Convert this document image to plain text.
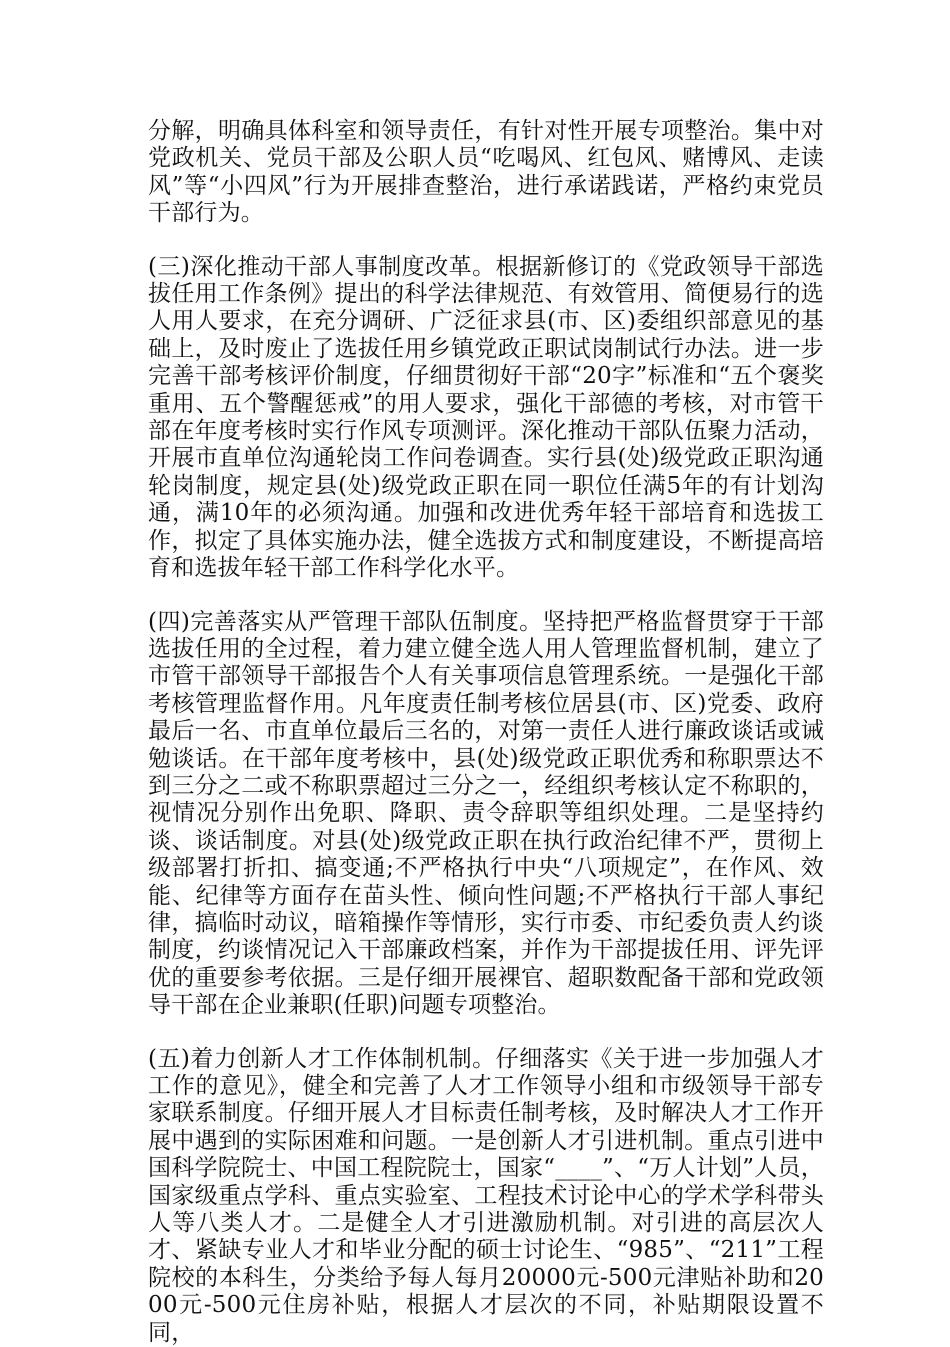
分解，明确具体科室和领导责任，有针对性开展专项整治。集中对党政机关、党员干部及公职人员“吃喝风、红包风、赌博风、走读风”等“小四风”行为开展排查整治，进行承诺践诺，严格约束党员干部行为。

(三)深化推动干部人事制度改革。根据新修订的《党政领导干部选拔任用工作条例》提出的科学法律规范、有效管用、简便易行的选人用人要求，在充分调研、广泛征求县(市、区)委组织部意见的基础上，及时废止了选拔任用乡镇党政正职试岗制试行办法。进一步完善干部考核评价制度，仔细贯彻好干部“20字”标准和“五个褒奖重用、五个警醒惩戒”的用人要求，强化干部德的考核，对市管干部在年度考核时实行作风专项测评。深化推动干部队伍聚力活动，开展市直单位沟通轮岗工作问卷调查。实行县(处)级党政正职沟通轮岗制度，规定县(处)级党政正职在同一职位任满5年的有计划沟通，满10年的必须沟通。加强和改进优秀年轻干部培育和选拔工作，拟定了具体实施办法，健全选拔方式和制度建设，不断提高培育和选拔年轻干部工作科学化水平。

(四)完善落实从严管理干部队伍制度。坚持把严格监督贯穿于干部选拔任用的全过程，着力建立健全选人用人管理监督机制，建立了市管干部领导干部报告个人有关事项信息管理系统。一是强化干部考核管理监督作用。凡年度责任制考核位居县(市、区)党委、政府最后一名、市直单位最后三名的，对第一责任人进行廉政谈话或诫勉谈话。在干部年度考核中，县(处)级党政正职优秀和称职票达不到三分之二或不称职票超过三分之一，经组织考核认定不称职的，视情况分别作出免职、降职、责令辞职等组织处理。二是坚持约谈、谈话制度。对县(处)级党政正职在执行政治纪律不严，贯彻上级部署打折扣、搞变通;不严格执行中央“八项规定”，在作风、效能、纪律等方面存在苗头性、倾向性问题;不严格执行干部人事纪律，搞临时动议，暗箱操作等情形，实行市委、市纪委负责人约谈制度，约谈情况记入干部廉政档案，并作为干部提拔任用、评先评优的重要参考依据。三是仔细开展裸官、超职数配备干部和党政领导干部在企业兼职(任职)问题专项整治。

(五)着力创新人才工作体制机制。仔细落实《关于进一步加强人才工作的意见》，健全和完善了人才工作领导小组和市级领导干部专家联系制度。仔细开展人才目标责任制考核，及时解决人才工作开展中遇到的实际困难和问题。一是创新人才引进机制。重点引进中国科学院院士、中国工程院院士，国家“____”、“万人计划”人员，国家级重点学科、重点实验室、工程技术讨论中心的学术学科带头人等八类人才。二是健全人才引进激励机制。对引进的高层次人才、紧缺专业人才和毕业分配的硕士讨论生、“985”、“211”工程院校的本科生，分类给予每人每月20000元-500元津贴补助和2000元-500元住房补贴，根据人才层次的不同，补贴期限设置不同，
